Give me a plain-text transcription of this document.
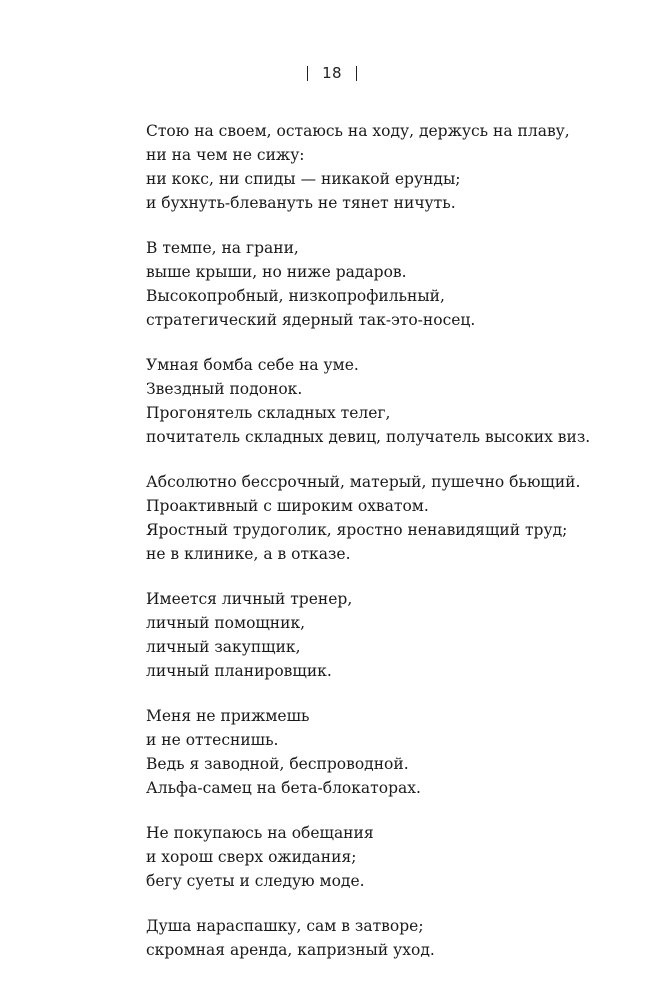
18
Стою на своем, остаюсь на ходу, держусь на плаву,
ни на чем не сижу:
ни кокс, ни спиды — никакой ерунды;
и бухнуть-блевануть не тянет ничуть.
В темпе, на грани,
выше крыши, но ниже радаров.
Высокопробный, низкопрофильный,
стратегический ядерный так-это-носец.
Умная бомба себе на уме.
Звездный подонок.
Прогонятель складных телег,
почитатель складных девиц, получатель высоких виз.
Абсолютно бессрочный, матерый, пушечно бьющий.
Проактивный с широким охватом.
Яростный трудоголик, яростно ненавидящий труд;
не в клинике, а в отказе.
Имеется личный тренер,
личный помощник,
личный закупщик,
личный планировщик.
Меня не прижмешь
и не оттеснишь.
Ведь я заводной, беспроводной.
Альфа-самец на бета-блокаторах.
Не покупаюсь на обещания
и хорош сверх ожидания;
бегу суеты и следую моде.
Душа нараспашку, сам в затворе;
скромная аренда, капризный уход.
